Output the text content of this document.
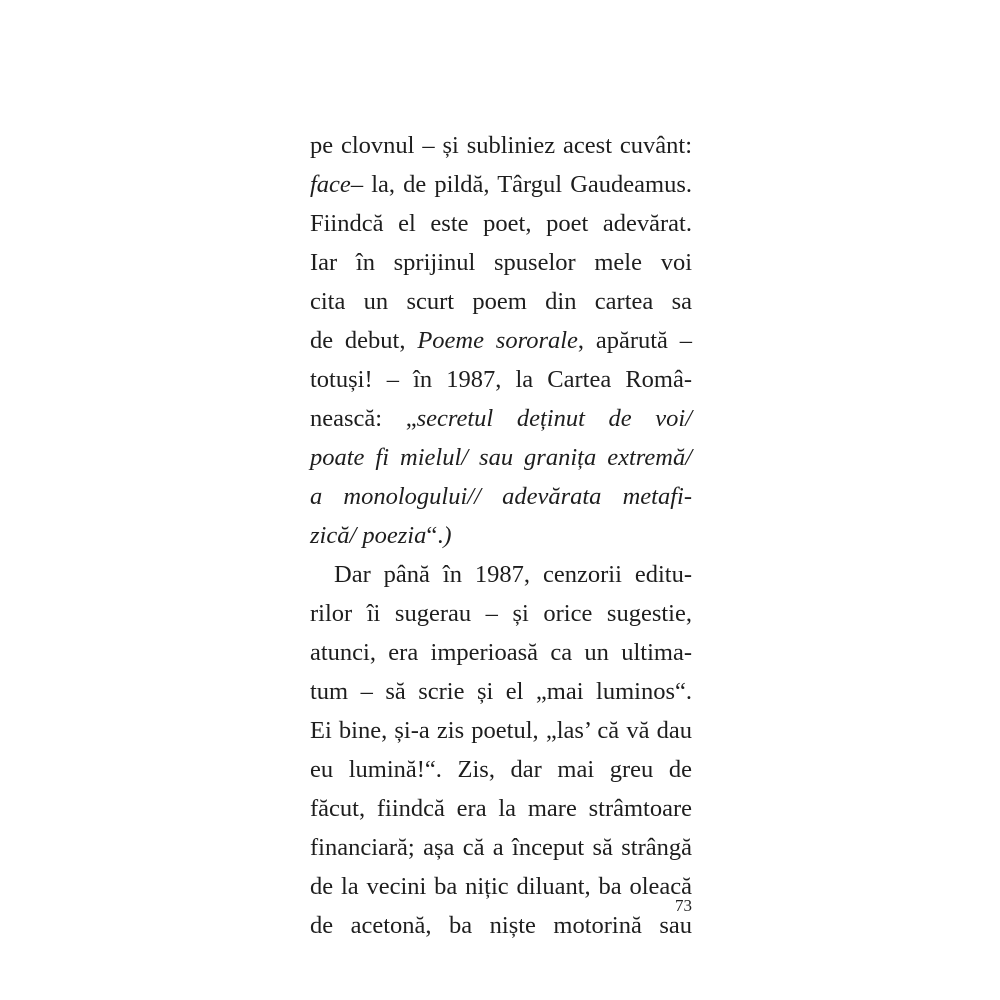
pe clovnul – și subliniez acest cuvânt:
face– la, de pildă, Târgul Gaudeamus.
Fiindcă el este poet, poet adevărat.
Iar în sprijinul spuselor mele voi
cita un scurt poem din cartea sa
de debut, Poeme sororale, apărută –
totuși! – în 1987, la Cartea Româ-
nească: „secretul deținut de voi/
poate fi mielul/ sau granița extremă/
a monologului// adevărata metafi-
zică/ poezia“.)
Dar până în 1987, cenzorii editu-
rilor îi sugerau – și orice sugestie,
atunci, era imperioasă ca un ultima-
tum – să scrie și el „mai luminos“.
Ei bine, și-a zis poetul, „las’ că vă dau
eu lumină!“. Zis, dar mai greu de
făcut, fiindcă era la mare strâmtoare
financiară; așa că a început să strângă
de la vecini ba nițic diluant, ba oleacă
de acetonă, ba niște motorină sau
73
